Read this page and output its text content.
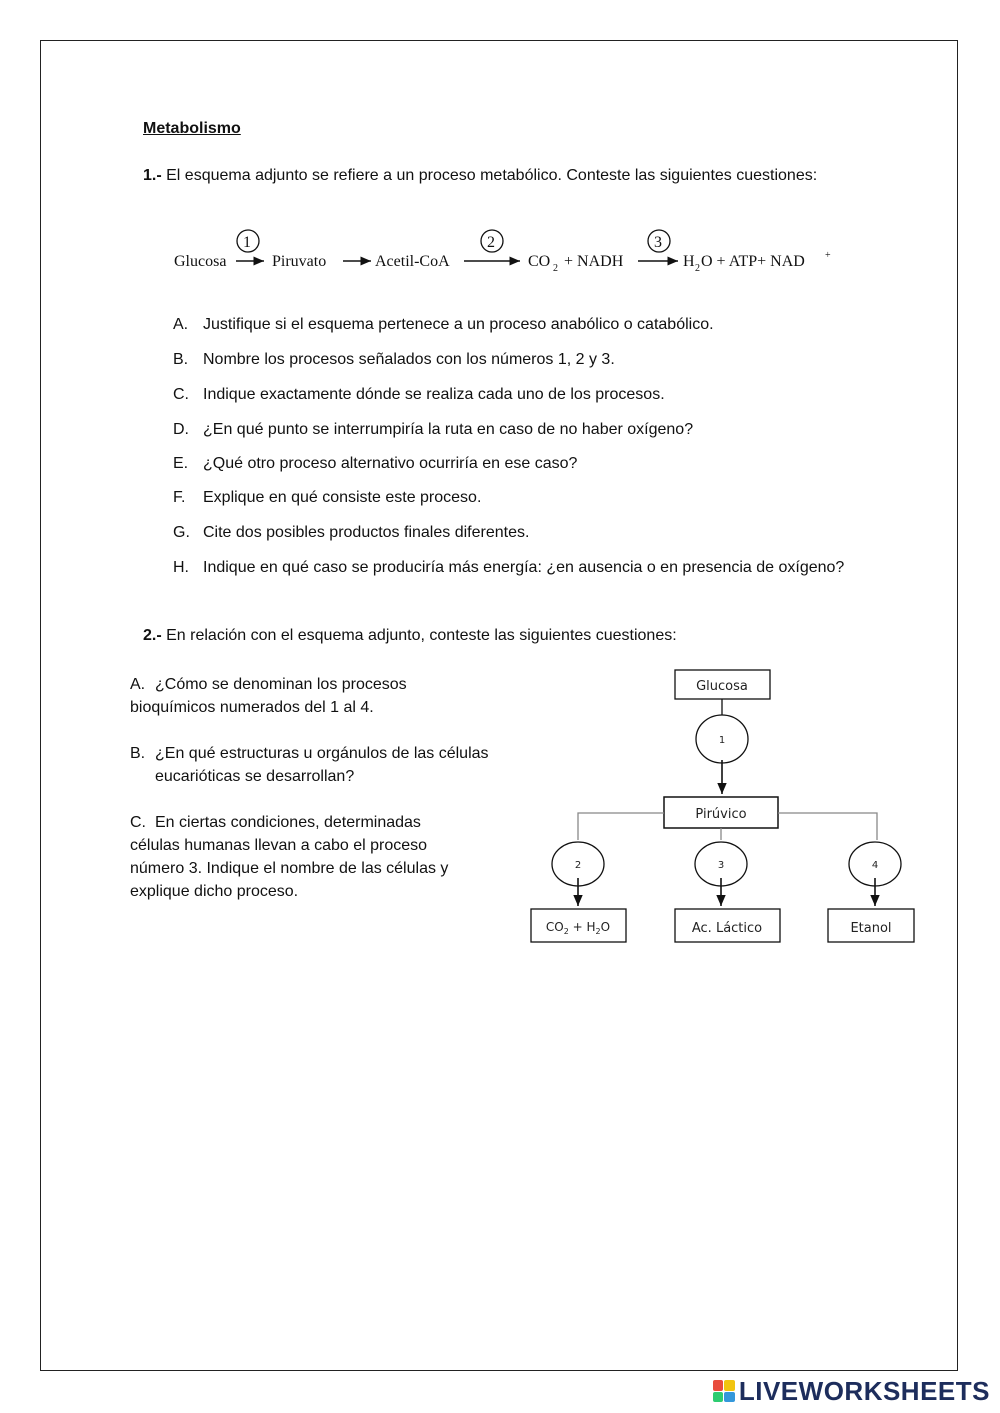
Metabolismo
1.- El esquema adjunto se refiere a un proceso metabólico. Conteste las siguientes cuestiones:
Glucosa
1
Piruvato	Acetil-CoA
2
CO 2 + NADH
3
H 2 O + ATP+ NAD +
A. Justifique si el esquema pertenece a un proceso anabólico o catabólico.
B. Nombre los procesos señalados con los números 1, 2 y 3.
C. Indique exactamente dónde se realiza cada uno de los procesos.
D. ¿En qué punto se interrumpiría la ruta en caso de no haber oxígeno?
E. ¿Qué otro proceso alternativo ocurriría en ese caso?
F. Explique en qué consiste este proceso.
G. Cite dos posibles productos finales diferentes.
H. Indique en qué caso se produciría más energía: ¿en ausencia o en presencia de oxígeno?
2.- En relación con el esquema adjunto, conteste las siguientes cuestiones:
A. ¿Cómo se denominan los procesos
bioquímicos numerados del 1 al 4.
B. ¿En qué estructuras u orgánulos de las células
eucarióticas se desarrollan?
C. En ciertas condiciones, determinadas
células humanas llevan a cabo el proceso
número 3. Indique el nombre de las células y
explique dicho proceso.
Glucosa
1
Pirúvico
2	3	4
$CO_2 + H_2O$	Ac. Láctico	Etanol
LIVEWORKSHEETS
